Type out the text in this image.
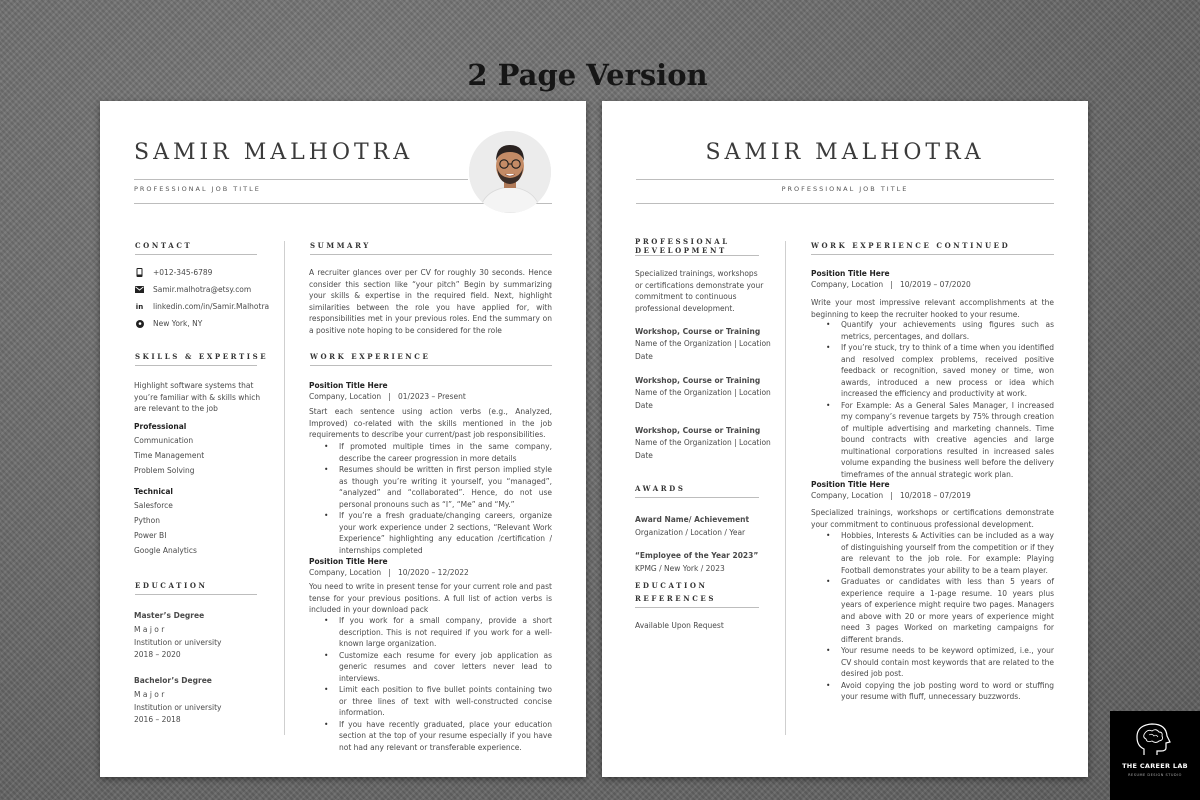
2 Page Version
SAMIR MALHOTRA
PROFESSIONAL JOB TITLE
CONTACT
+012-345-6789
Samir.malhotra@etsy.com
in linkedin.com/in/Samir.Malhotra
New York, NY
SKILLS & EXPERTISE

Highlight software systems that you’re familiar with & skills which are relevant to the job

Professional
Communication
Time Management
Problem Solving
Technical
Salesforce
Python
Power BI
Google Analytics
EDUCATION
Master’s Degree
M a j o r
Institution or university
2018 – 2020
Bachelor’s Degree
M a j o r
Institution or university
2016 – 2018
SUMMARY

A recruiter glances over per CV for roughly 30 seconds. Hence consider this section like “your pitch” Begin by summarizing your skills & expertise in the required field. Next, highlight similarities between the role you have applied for, with responsibilities met in your previous roles. End the summary on a positive note hoping to be considered for the role

WORK EXPERIENCE
Position Title Here
Company, Location   |   01/2023 – Present

Start each sentence using action verbs (e.g., Analyzed, Improved) co-related with the skills mentioned in the job requirements to describe your current/past job responsibilities.

• If promoted multiple times in the same company, describe the career progression in more details
• Resumes should be written in first person implied style as though you’re writing it yourself, you “managed”, “analyzed” and “collaborated”. Hence, do not use personal pronouns such as “I”, “Me” and “My.”
• If you’re a fresh graduate/changing careers, organize your work experience under 2 sections, “Relevant Work Experience” highlighting any education /certification / internships completed
Position Title Here
Company, Location   |   10/2020 – 12/2022

You need to write in present tense for your current role and past tense for your previous positions. A full list of action verbs is included in your download pack

• If you work for a small company, provide a short description. This is not required if you work for a well- known large organization.
• Customize each resume for every job application as generic resumes and cover letters never lead to interviews.
• Limit each position to five bullet points containing two or three lines of text with well-constructed concise information.
• If you have recently graduated, place your education section at the top of your resume especially if you have not had any relevant or transferable experience.
SAMIR MALHOTRA
PROFESSIONAL JOB TITLE
PROFESSIONAL DEVELOPMENT

Specialized trainings, workshops or certifications demonstrate your commitment to continuous professional development.

Workshop, Course or Training
Name of the Organization | Location
Date
Workshop, Course or Training
Name of the Organization | Location
Date
Workshop, Course or Training
Name of the Organization | Location
Date
AWARDS
Award Name/ Achievement
Organization / Location / Year
“Employee of the Year 2023”
KPMG / New York / 2023
EDUCATION
REFERENCES
Available Upon Request
WORK EXPERIENCE CONTINUED
Position Title Here
Company, Location   |   10/2019 – 07/2020

Write your most impressive relevant accomplishments at the beginning to keep the recruiter hooked to your resume.

• Quantify your achievements using figures such as metrics, percentages, and dollars.
• If you’re stuck, try to think of a time when you identified and resolved complex problems, received positive feedback or recognition, saved money or time, won awards, introduced a new process or idea which increased the efficiency and productivity at work.
• For Example: As a General Sales Manager, I increased my company’s revenue targets by 75% through creation of multiple advertising and marketing channels. Time bound contracts with creative agencies and large multinational corporations resulted in increased sales volume expanding the business well before the delivery timeframes of the annual strategic work plan.
Position Title Here
Company, Location   |   10/2018 – 07/2019

Specialized trainings, workshops or certifications demonstrate your commitment to continuous professional development.

• Hobbies, Interests & Activities can be included as a way of distinguishing yourself from the competition or if they are relevant to the job role. For example: Playing Football demonstrates your ability to be a team player.
• Graduates or candidates with less than 5 years of experience require a 1-page resume. 10 years plus years of experience might require two pages. Managers and above with 20 or more years of experience might need 3 pages Worked on marketing campaigns for different brands.
• Your resume needs to be keyword optimized, i.e., your CV should contain most keywords that are related to the desired job post.
• Avoid copying the job posting word to word or stuffing your resume with fluff, unnecessary buzzwords.
THE CAREER LAB
RESUME DESIGN STUDIO
